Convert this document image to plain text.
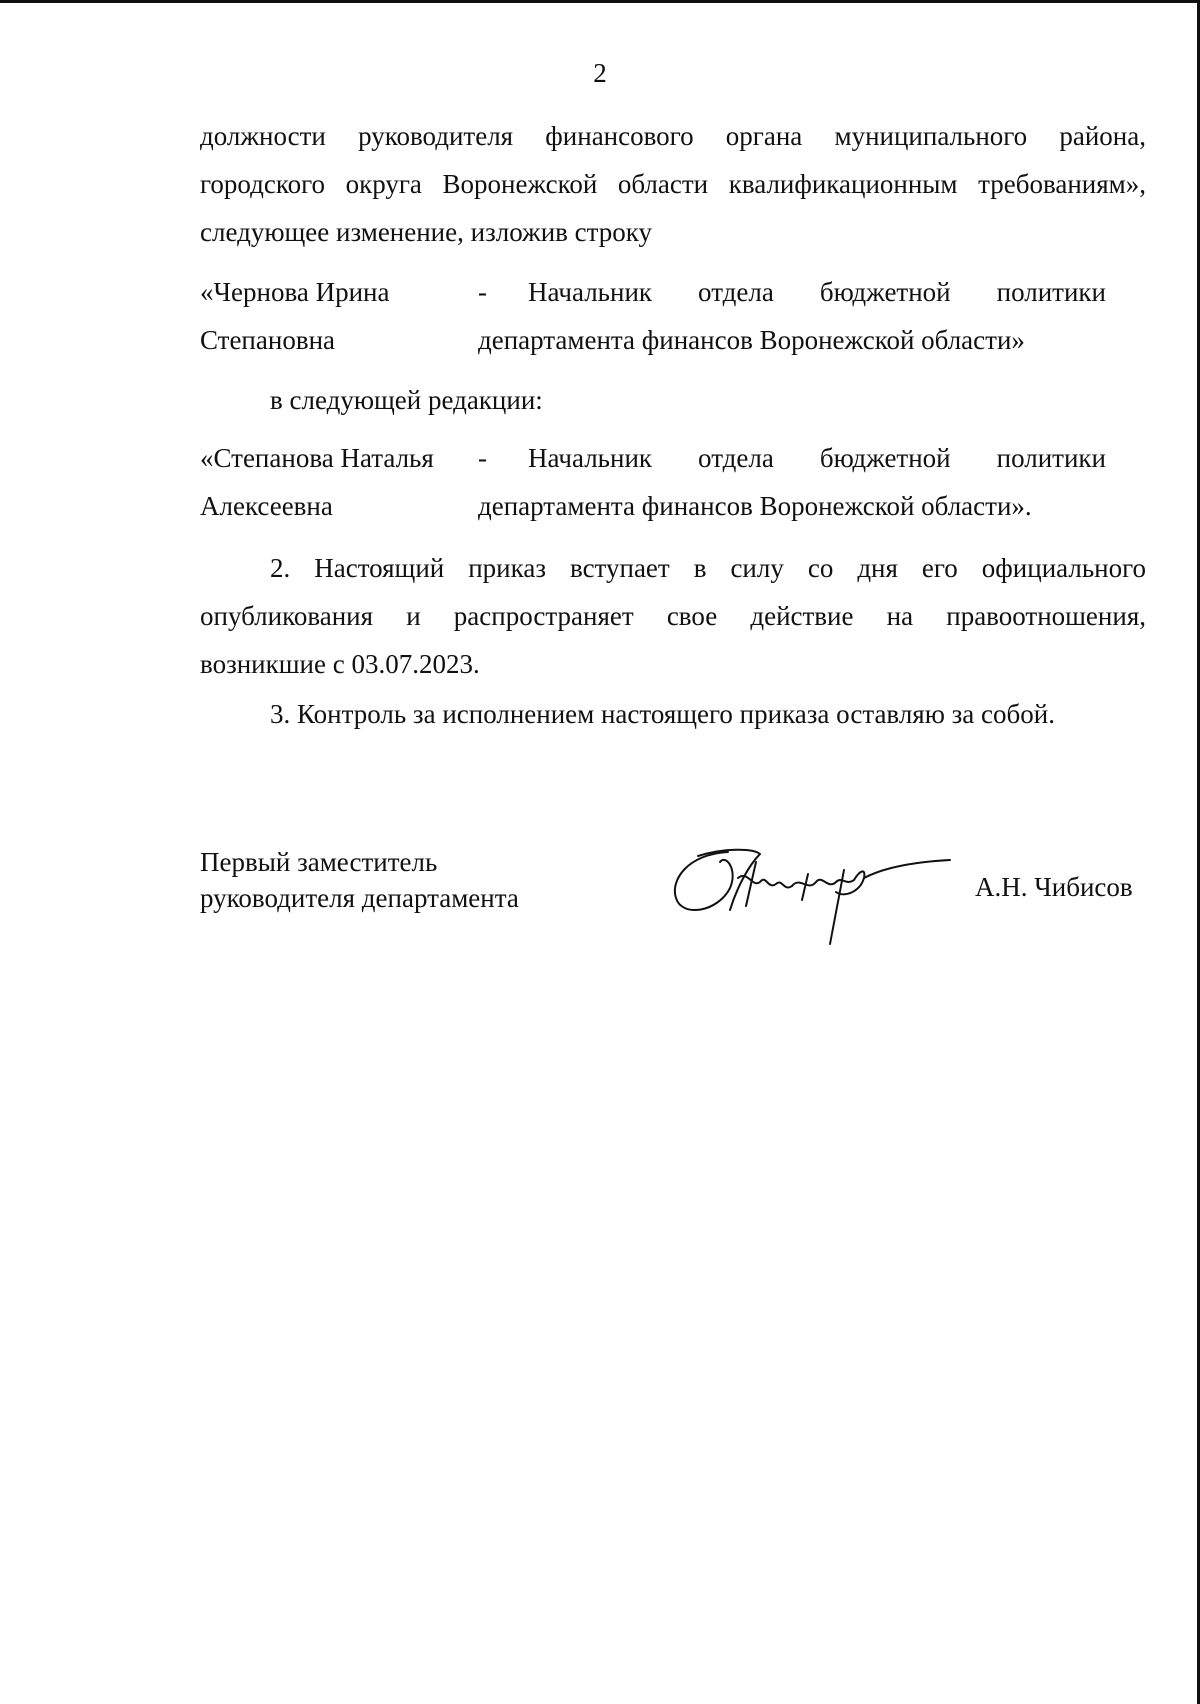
2
должности руководителя финансового органа муниципального района,
городского округа Воронежской области квалификационным требованиям»,
следующее изменение, изложив строку
«Чернова Ирина	- Начальник отдела бюджетной политики
Степановна	департамента финансов Воронежской области»
в следующей редакции:
«Степанова Наталья - Начальник отдела бюджетной политики
Алексеевна	департамента финансов Воронежской области».
2. Настоящий приказ вступает в силу со дня его официального
опубликования и распространяет свое действие на правоотношения,
возникшие с 03.07.2023.
3. Контроль за исполнением настоящего приказа оставляю за собой.
Первый заместитель
руководителя департамента	А.Н. Чибисов
